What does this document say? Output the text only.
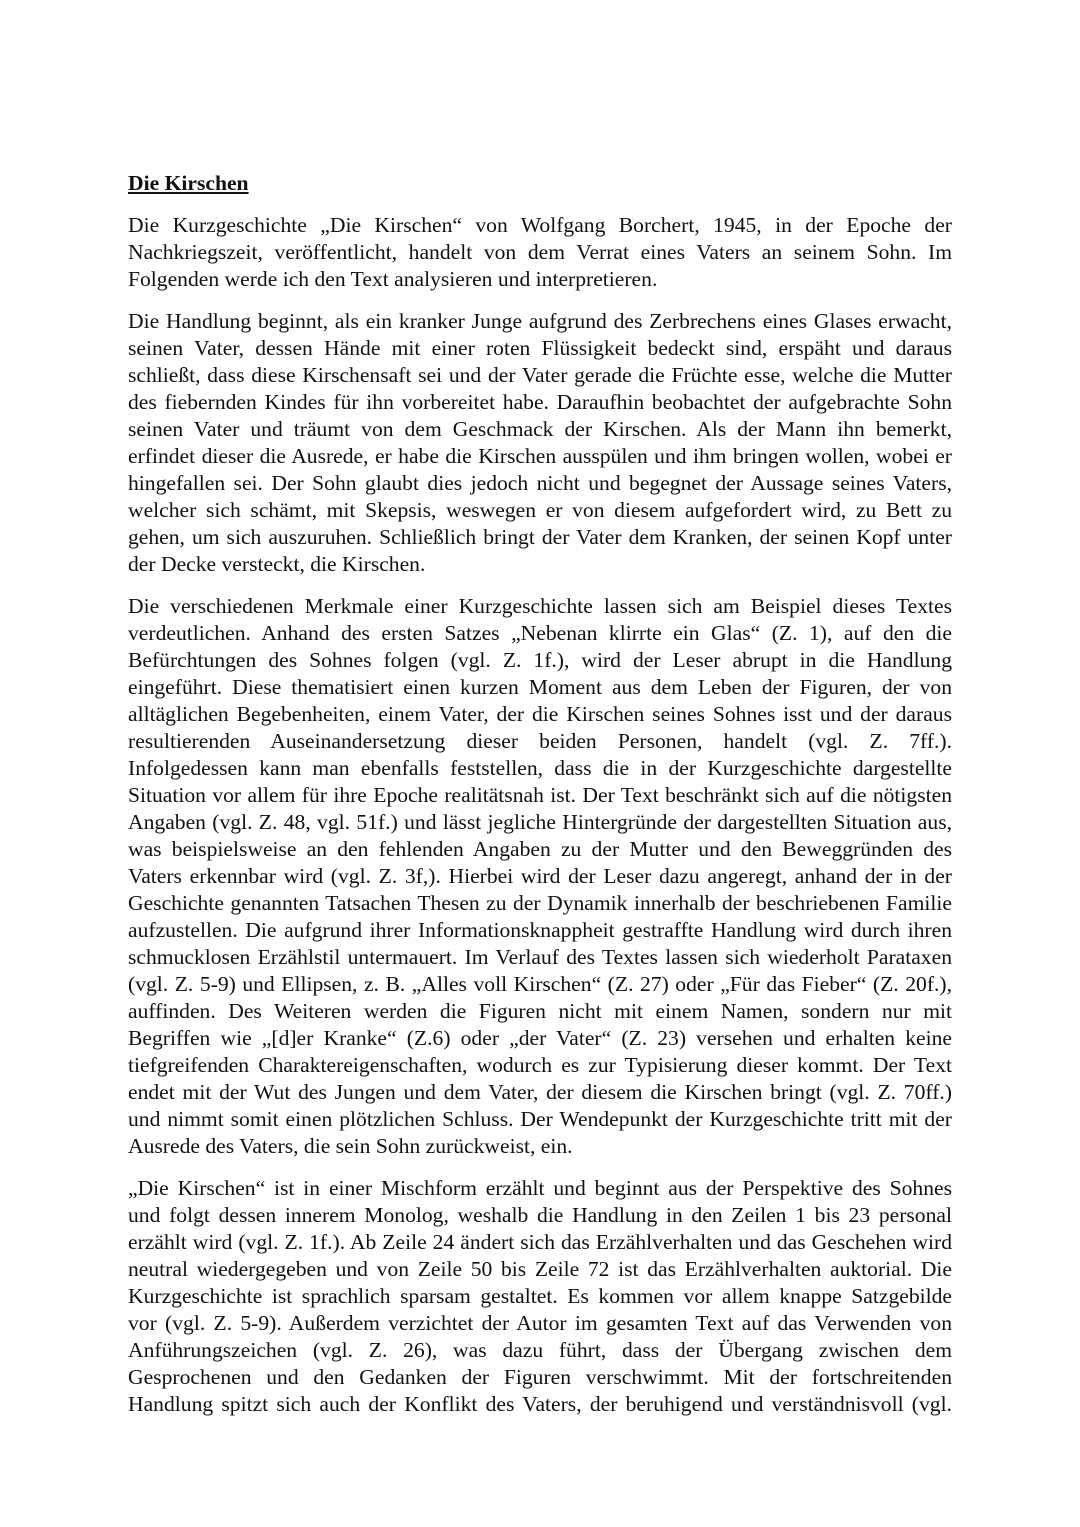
Die Kirschen
Die Kurzgeschichte „Die Kirschen“ von Wolfgang Borchert, 1945, in der Epoche der
Nachkriegszeit, veröffentlicht, handelt von dem Verrat eines Vaters an seinem Sohn. Im
Folgenden werde ich den Text analysieren und interpretieren.
Die Handlung beginnt, als ein kranker Junge aufgrund des Zerbrechens eines Glases erwacht,
seinen Vater, dessen Hände mit einer roten Flüssigkeit bedeckt sind, erspäht und daraus
schließt, dass diese Kirschensaft sei und der Vater gerade die Früchte esse, welche die Mutter
des fiebernden Kindes für ihn vorbereitet habe. Daraufhin beobachtet der aufgebrachte Sohn
seinen Vater und träumt von dem Geschmack der Kirschen. Als der Mann ihn bemerkt,
erfindet dieser die Ausrede, er habe die Kirschen ausspülen und ihm bringen wollen, wobei er
hingefallen sei. Der Sohn glaubt dies jedoch nicht und begegnet der Aussage seines Vaters,
welcher sich schämt, mit Skepsis, weswegen er von diesem aufgefordert wird, zu Bett zu
gehen, um sich auszuruhen. Schließlich bringt der Vater dem Kranken, der seinen Kopf unter
der Decke versteckt, die Kirschen.
Die verschiedenen Merkmale einer Kurzgeschichte lassen sich am Beispiel dieses Textes
verdeutlichen. Anhand des ersten Satzes „Nebenan klirrte ein Glas“ (Z. 1), auf den die
Befürchtungen des Sohnes folgen (vgl. Z. 1f.), wird der Leser abrupt in die Handlung
eingeführt. Diese thematisiert einen kurzen Moment aus dem Leben der Figuren, der von
alltäglichen Begebenheiten, einem Vater, der die Kirschen seines Sohnes isst und der daraus
resultierenden Auseinandersetzung dieser beiden Personen, handelt (vgl. Z. 7ff.).
Infolgedessen kann man ebenfalls feststellen, dass die in der Kurzgeschichte dargestellte
Situation vor allem für ihre Epoche realitätsnah ist. Der Text beschränkt sich auf die nötigsten
Angaben (vgl. Z. 48, vgl. 51f.) und lässt jegliche Hintergründe der dargestellten Situation aus,
was beispielsweise an den fehlenden Angaben zu der Mutter und den Beweggründen des
Vaters erkennbar wird (vgl. Z. 3f,). Hierbei wird der Leser dazu angeregt, anhand der in der
Geschichte genannten Tatsachen Thesen zu der Dynamik innerhalb der beschriebenen Familie
aufzustellen. Die aufgrund ihrer Informationsknappheit gestraffte Handlung wird durch ihren
schmucklosen Erzählstil untermauert. Im Verlauf des Textes lassen sich wiederholt Parataxen
(vgl. Z. 5-9) und Ellipsen, z. B. „Alles voll Kirschen“ (Z. 27) oder „Für das Fieber“ (Z. 20f.),
auffinden. Des Weiteren werden die Figuren nicht mit einem Namen, sondern nur mit
Begriffen wie „[d]er Kranke“ (Z.6) oder „der Vater“ (Z. 23) versehen und erhalten keine
tiefgreifenden Charaktereigenschaften, wodurch es zur Typisierung dieser kommt. Der Text
endet mit der Wut des Jungen und dem Vater, der diesem die Kirschen bringt (vgl. Z. 70ff.)
und nimmt somit einen plötzlichen Schluss. Der Wendepunkt der Kurzgeschichte tritt mit der
Ausrede des Vaters, die sein Sohn zurückweist, ein.
„Die Kirschen“ ist in einer Mischform erzählt und beginnt aus der Perspektive des Sohnes
und folgt dessen innerem Monolog, weshalb die Handlung in den Zeilen 1 bis 23 personal
erzählt wird (vgl. Z. 1f.). Ab Zeile 24 ändert sich das Erzählverhalten und das Geschehen wird
neutral wiedergegeben und von Zeile 50 bis Zeile 72 ist das Erzählverhalten auktorial. Die
Kurzgeschichte ist sprachlich sparsam gestaltet. Es kommen vor allem knappe Satzgebilde
vor (vgl. Z. 5-9). Außerdem verzichtet der Autor im gesamten Text auf das Verwenden von
Anführungszeichen (vgl. Z. 26), was dazu führt, dass der Übergang zwischen dem
Gesprochenen und den Gedanken der Figuren verschwimmt. Mit der fortschreitenden
Handlung spitzt sich auch der Konflikt des Vaters, der beruhigend und verständnisvoll (vgl.
